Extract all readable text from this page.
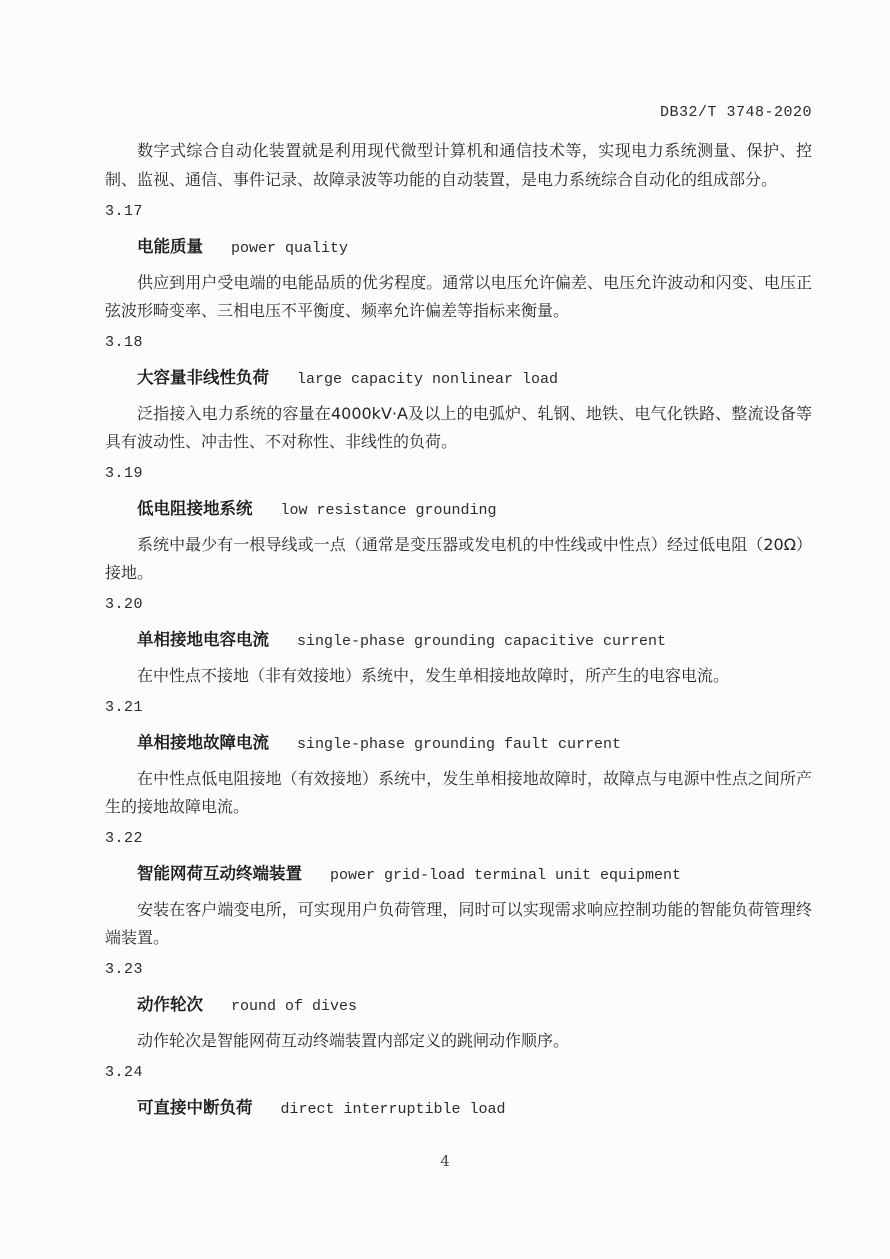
DB32/T 3748-2020

数字式综合自动化装置就是利用现代微型计算机和通信技术等，实现电力系统测量、保护、控制、监视、通信、事件记录、故障录波等功能的自动装置，是电力系统综合自动化的组成部分。

3.17
电能质量 power quality

供应到用户受电端的电能品质的优劣程度。通常以电压允许偏差、电压允许波动和闪变、电压正弦波形畸变率、三相电压不平衡度、频率允许偏差等指标来衡量。

3.18
大容量非线性负荷 large capacity nonlinear load

泛指接入电力系统的容量在4000kV·A及以上的电弧炉、轧钢、地铁、电气化铁路、整流设备等具有波动性、冲击性、不对称性、非线性的负荷。

3.19
低电阻接地系统 low resistance grounding

系统中最少有一根导线或一点（通常是变压器或发电机的中性线或中性点）经过低电阻（20Ω）接地。

3.20
单相接地电容电流 single-phase grounding capacitive current

在中性点不接地（非有效接地）系统中，发生单相接地故障时，所产生的电容电流。

3.21
单相接地故障电流 single-phase grounding fault current

在中性点低电阻接地（有效接地）系统中，发生单相接地故障时，故障点与电源中性点之间所产生的接地故障电流。

3.22
智能网荷互动终端装置 power grid-load terminal unit equipment

安装在客户端变电所，可实现用户负荷管理，同时可以实现需求响应控制功能的智能负荷管理终端装置。

3.23
动作轮次 round of dives

动作轮次是智能网荷互动终端装置内部定义的跳闸动作顺序。

3.24
可直接中断负荷 direct interruptible load
4
